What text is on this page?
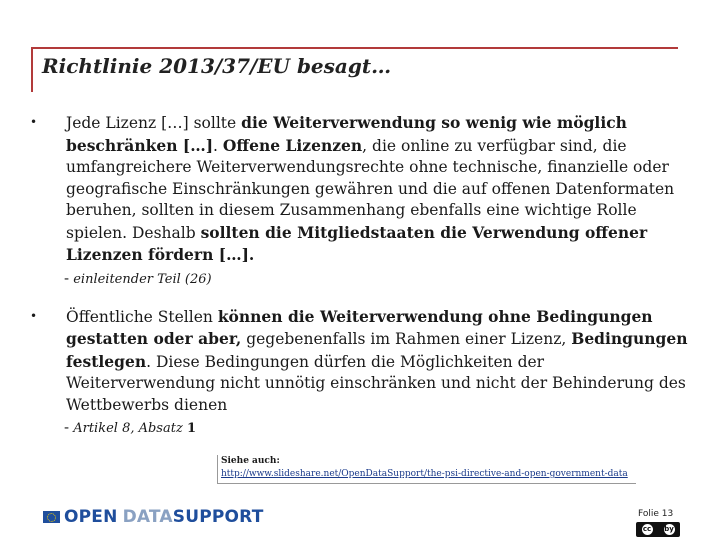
Richtlinie 2013/37/EU besagt…
•	Jede Lizenz […] sollte die Weiterverwendung so wenig wie möglich beschränken […]. Offene Lizenzen, die online zu verfügbar sind, die umfangreichere Weiterverwendungsrechte ohne technische, finanzielle oder geografische Einschränkungen gewähren und die auf offenen Datenformaten beruhen, sollten in diesem Zusammenhang ebenfalls eine wichtige Rolle spielen. Deshalb sollten die Mitgliedstaaten die Verwendung offener Lizenzen fördern […].
- einleitender Teil (26)
•	Öffentliche Stellen können die Weiterverwendung ohne Bedingungen gestatten oder aber, gegebenenfalls im Rahmen einer Lizenz, Bedingungen festlegen. Diese Bedingungen dürfen die Möglichkeiten der Weiterverwendung nicht unnötig einschränken und nicht der Behinderung des Wettbewerbs dienen
- Artikel 8, Absatz 1
Siehe auch:
http://www.slideshare.net/OpenDataSupport/the-psi-directive-and-open-government-data
OPEN DATA SUPPORT	Folie 13
cc by
